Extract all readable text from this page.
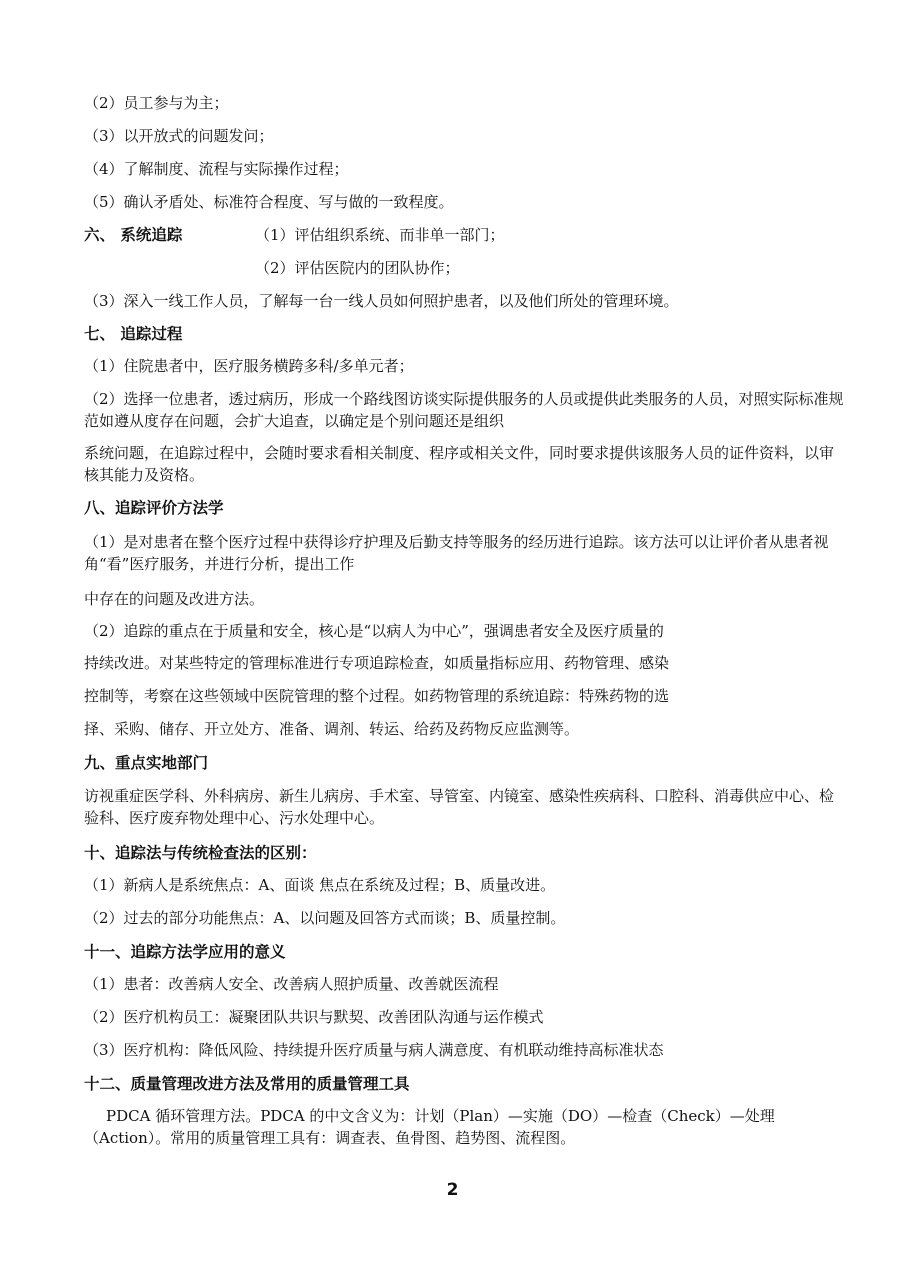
（2）员工参与为主；
（3）以开放式的问题发问；
（4）了解制度、流程与实际操作过程；
（5）确认矛盾处、标准符合程度、写与做的一致程度。
六、 系统追踪	（1）评估组织系统、而非单一部门；
（2）评估医院内的团队协作；
（3）深入一线工作人员，了解每一台一线人员如何照护患者，以及他们所处的管理环境。
七、 追踪过程
（1）住院患者中，医疗服务横跨多科/多单元者；
（2）选择一位患者，透过病历，形成一个路线图访谈实际提供服务的人员或提供此类服务的人员，对照实际标准规范如遵从度存在问题，会扩大追查，以确定是个别问题还是组织
系统问题，在追踪过程中，会随时要求看相关制度、程序或相关文件，同时要求提供该服务人员的证件资料，以审核其能力及资格。
八、追踪评价方法学
（1）是对患者在整个医疗过程中获得诊疗护理及后勤支持等服务的经历进行追踪。该方法可以让评价者从患者视角“看”医疗服务，并进行分析，提出工作
中存在的问题及改进方法。
（2）追踪的重点在于质量和安全，核心是“以病人为中心”，强调患者安全及医疗质量的
持续改进。对某些特定的管理标准进行专项追踪检查，如质量指标应用、药物管理、感染
控制等，考察在这些领域中医院管理的整个过程。如药物管理的系统追踪：特殊药物的选
择、采购、储存、开立处方、准备、调剂、转运、给药及药物反应监测等。
九、重点实地部门
访视重症医学科、外科病房、新生儿病房、手术室、导管室、内镜室、感染性疾病科、口腔科、消毒供应中心、检验科、医疗废弃物处理中心、污水处理中心。
十、追踪法与传统检查法的区别：
（1）新病人是系统焦点：A、面谈 焦点在系统及过程；B、质量改进。
（2）过去的部分功能焦点：A、以问题及回答方式而谈；B、质量控制。
十一、追踪方法学应用的意义
（1）患者：改善病人安全、改善病人照护质量、改善就医流程
（2）医疗机构员工：凝聚团队共识与默契、改善团队沟通与运作模式
（3）医疗机构：降低风险、持续提升医疗质量与病人满意度、有机联动维持高标准状态
十二、质量管理改进方法及常用的质量管理工具
PDCA 循环管理方法。PDCA 的中文含义为：计划（Plan）—实施（DO）—检查（Check）—处理（Action）。常用的质量管理工具有：调查表、鱼骨图、趋势图、流程图。
2
